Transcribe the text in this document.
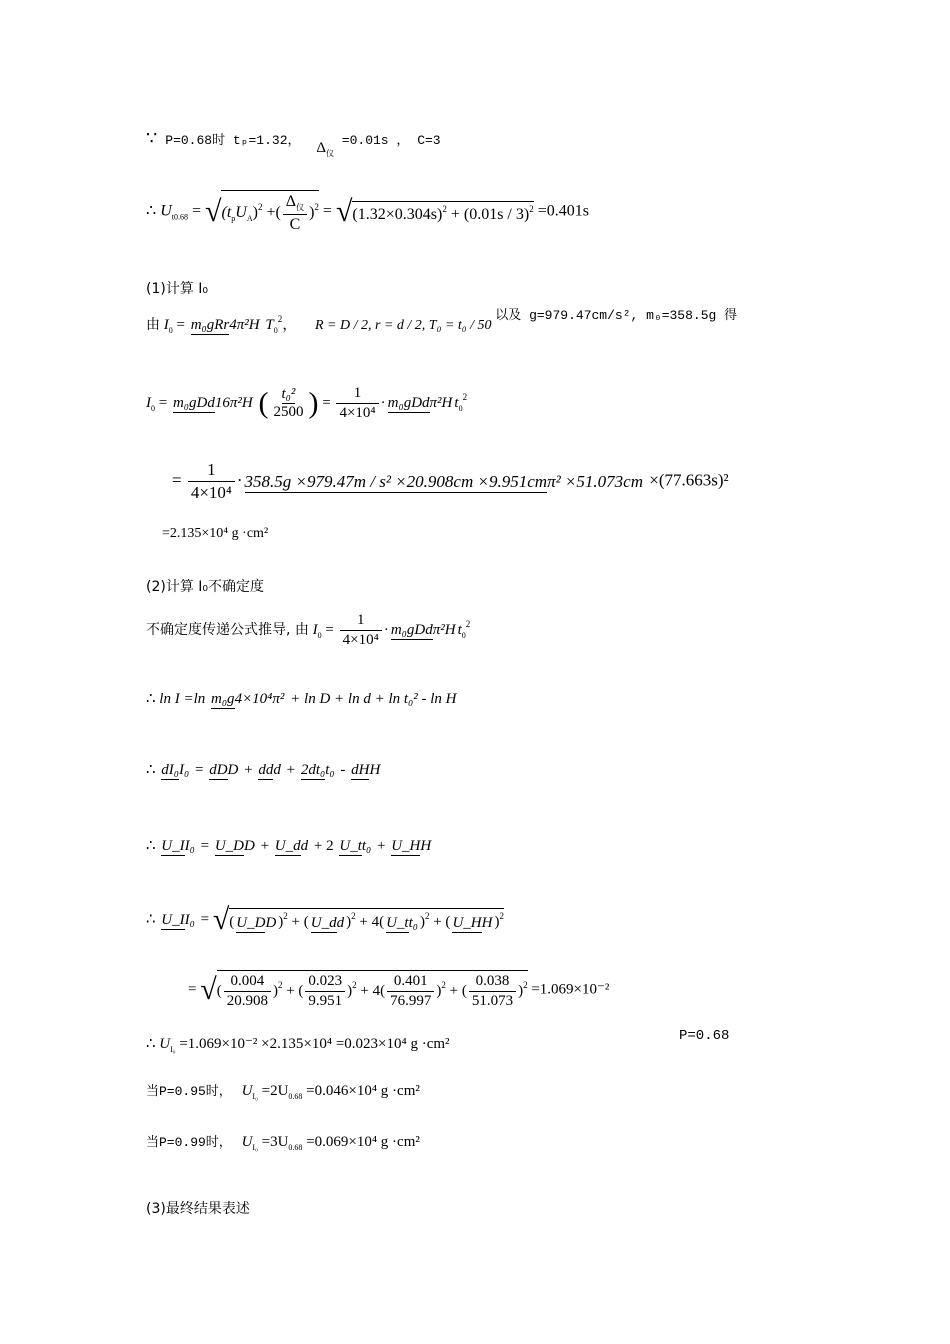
∵ P=0.68时 tₚ=1.32， $\Delta_仪 =0.01s$ ， C=3
∴ $U_{t0.68} = √(t_pU_A)^2$ +( $\frac{\Delta_仪}{C} )^2 = √(1.32\times 0.304s)^2 + (0.01s / 3)^2 =0.401s$
(1)计算 I₀
由 $I_0 = m_0gRr4\pi^2H$ $T_0^2$， R = D / 2, r = d / 2, T₀ = t₀ / 50 以及 g=979.47cm/s², m₀=358.5g 得
$I_0 = m_0gDd16\pi^2H$ ( $\frac{\text{t₀²}}{2500}$ ) = $\frac{1}{\text{4×10⁴}} \cdot m_0gDd\pi^2H$ $t_0^2$
= $\frac{1}{\text{4×10⁴}} \cdot 358.5g \times 979.47m / s^2 \times 20.908cm \times 9.951cm\pi^2 \times 51.073cm \times(77.663s)^2$
=2.135×10⁴ g ·cm²
(2)计算 I₀不确定度
不确定度传递公式推导, 由 $I_0 = \frac{1}{\text{4×10⁴}} \cdot m_0gDd\pi^2H$ $t_0^2$
∴ ln I =ln m₀g4×10⁴π² + ln D + ln d + ln t₀² - ln H
∴ dI₀I₀ = dDD + ddd + 2dt₀t₀ - dHH
∴ U_II₀ = U_DD + U_dd + 2 U_tt₀ + U_HH
∴ U_II₀ = √( U_DD )$^2$ + ( U_dd )$^2$ + 4( U_tt₀ )$^2$ + ( U_HH )$^2$
= √( $\frac{0.004}{20.908} )^2$ + ( $\frac{0.023}{9.951} )^2 + 4( \frac{0.401}{76.997} )^2$ + ( $\frac{0.038}{51.073} )^2 =1.069\times 10^{-2}$
∴ $U_{I_0} =1.069\times 10^{-2} \times 2.135\times 10^4 =0.023\times 10^4$ g ·cm²	P=0.68
当P=0.95时， $U_{I_0} =2U_{0.68} =0.046\times 10^4$ g ·cm²
当P=0.99时， $U_{I_0} =3U_{0.68} =0.069\times 10^4$ g ·cm²
(3)最终结果表述
